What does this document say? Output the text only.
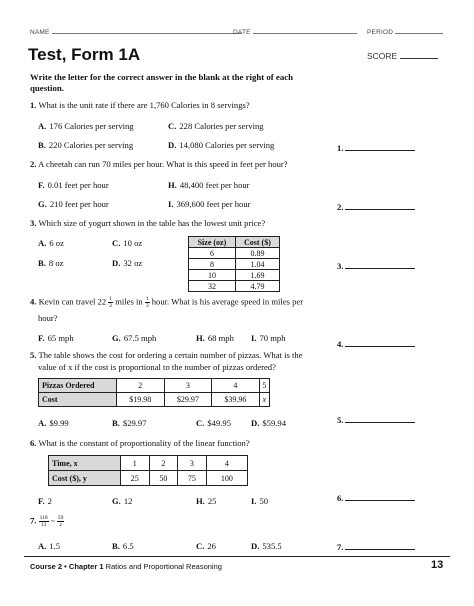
NAME	DATE	PERIOD
Test, Form 1A	SCORE
Write the letter for the correct answer in the blank at the right of each question.
1. What is the unit rate if there are 1,760 Calories in 8 servings?
A. 176 Calories per serving	C. 228 Calories per serving
B. 220 Calories per serving	D. 14,080 Calories per serving	1.
2. A cheetah can run 70 miles per hour. What is this speed in feet per hour?
F. 0.01 feet per hour	H. 48,400 feet per hour
G. 210 feet per hour	I. 369,600 feet per hour	2.
3. Which size of yogurt shown in the table has the lowest unit price?
A. 6 oz	C. 10 oz
B. 8 oz	D. 32 oz
Size (oz)	Cost ($)
6	0.89
8	1.04
10	1.69
32	4.79
3.
4. Kevin can travel $22 \frac{1}{2}$ miles in $\frac{1}{3}$ hour. What is his average speed in miles per
hour?
F. 65 mph	G. 67.5 mph	H. 68 mph I. 70 mph
4.
5. The table shows the cost for ordering a certain number of pizzas. What is the
value of x if the cost is proportional to the number of pizzas ordered?
Pizzas Ordered	2	3	4	5
Cost	$19.98	$29.97	$39.96	x
A. $9.99	B. $29.97	C. $49.95 D. $59.94	5.
6. What is the constant of proportionality of the linear function?
Time, x	1	2	3	4
Cost ($), y	25	50	75	100
F. 2	G. 12	H. 25	I. 50	6.
7. $\frac{118}{13} = \frac{59}{z}$
A. 1.5	B. 6.5	C. 26	D. 535.5	7.
Course 2 • Chapter 1 Ratios and Proportional Reasoning	13
